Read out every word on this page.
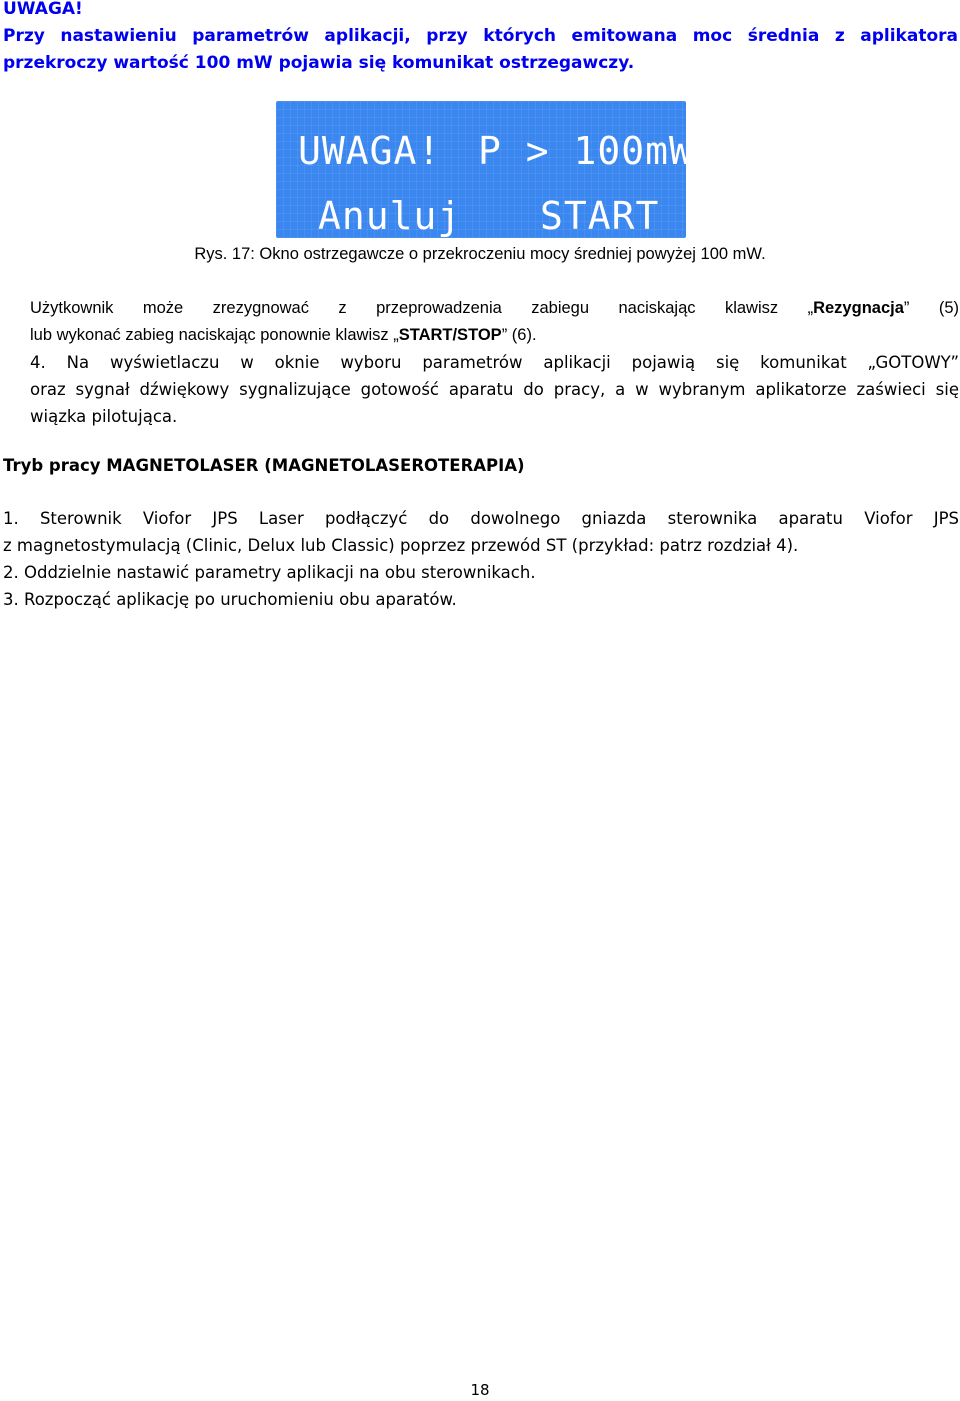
UWAGA!
Przy nastawieniu parametrów aplikacji, przy których emitowana moc średnia z aplikatora
przekroczy wartość 100 mW pojawia się komunikat ostrzegawczy.
UWAGA! P > 100mW
Anuluj START
Rys. 17: Okno ostrzegawcze o przekroczeniu mocy średniej powyżej 100 mW.
Użytkownik może zrezygnować z przeprowadzenia zabiegu naciskając klawisz „Rezygnacja” (5)
lub wykonać zabieg naciskając ponownie klawisz „START/STOP” (6).
4. Na wyświetlaczu w oknie wyboru parametrów aplikacji pojawią się komunikat „GOTOWY”
oraz sygnał dźwiękowy sygnalizujące gotowość aparatu do pracy, a w wybranym aplikatorze zaświeci się
wiązka pilotująca.
Tryb pracy MAGNETOLASER (MAGNETOLASEROTERAPIA)
1. Sterownik Viofor JPS Laser podłączyć do dowolnego gniazda sterownika aparatu Viofor JPS
z magnetostymulacją (Clinic, Delux lub Classic) poprzez przewód ST (przykład: patrz rozdział 4).
2. Oddzielnie nastawić parametry aplikacji na obu sterownikach.
3. Rozpocząć aplikację po uruchomieniu obu aparatów.
18
